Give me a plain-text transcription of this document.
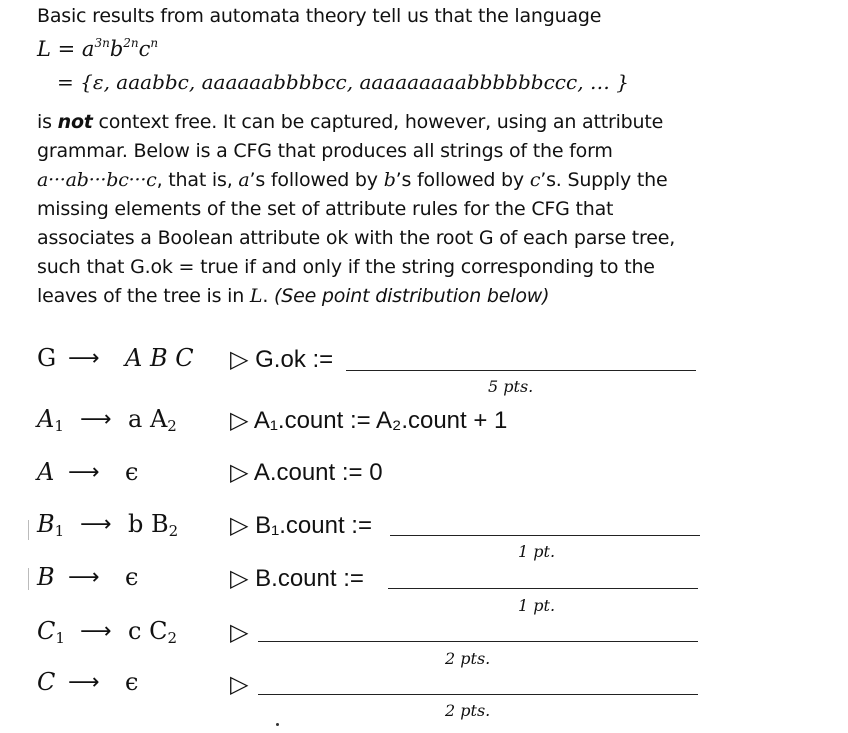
Basic results from automata theory tell us that the language
$L = a^{3n}b^{2n}c^n$
= {ε, aaabbc, aaaaaabbbbcc, aaaaaaaaabbbbbbccc, … }
is not context free. It can be captured, however, using an attribute
grammar. Below is a CFG that produces all strings of the form
a···ab···bc···c, that is, a’s followed by b’s followed by c’s. Supply the
missing elements of the set of attribute rules for the CFG that
associates a Boolean attribute ok with the root G of each parse tree,
such that G.ok = true if and only if the string corresponding to the
leaves of the tree is in L. (See point distribution below)
G ⟶ A B C ▷ G.ok :=
5 pts.
$A_1$ ⟶ a $A_2$ ▷ A₁.count := A₂.count + 1
A ⟶ ϵ	▷ A.count := 0
$B_1$ ⟶ b $B_2$ ▷ B₁.count :=
1 pt.
B ⟶ ϵ	▷ B.count :=
1 pt.
$C_1$ ⟶ c $C_2$ ▷
2 pts.
C ⟶ ϵ	▷
2 pts.
